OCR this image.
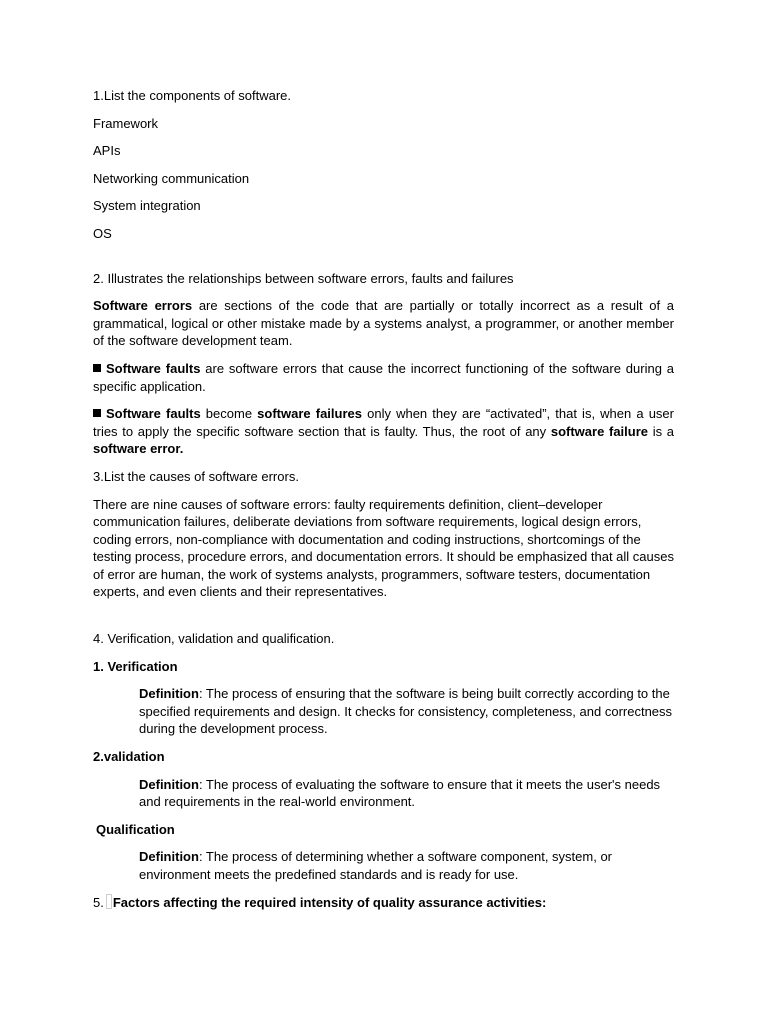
1.List the components of software.

Framework

APIs

Networking communication

System integration

OS

2. Illustrates the relationships between software errors, faults and failures

Software errors are sections of the code that are partially or totally incorrect as a result of a grammatical, logical or other mistake made by a systems analyst, a programmer, or another member of the software development team.

Software faults are software errors that cause the incorrect functioning of the software during a specific application.

Software faults become software failures only when they are “activated”, that is, when a user tries to apply the specific software section that is faulty. Thus, the root of any software failure is a software error.

3.List the causes of software errors.

There are nine causes of software errors: faulty requirements definition, client–developer communication failures, deliberate deviations from software requirements, logical design errors, coding errors, non-compliance with documentation and coding instructions, shortcomings of the testing process, procedure errors, and documentation errors. It should be emphasized that all causes of error are human, the work of systems analysts, programmers, software testers, documentation experts, and even clients and their representatives.

4. Verification, validation and qualification.

1. Verification

Definition: The process of ensuring that the software is being built correctly according to the specified requirements and design. It checks for consistency, completeness, and correctness during the development process.

2.validation

Definition: The process of evaluating the software to ensure that it meets the user's needs and requirements in the real-world environment.

Qualification

Definition: The process of determining whether a software component, system, or environment meets the predefined standards and is ready for use.

5. Factors affecting the required intensity of quality assurance activities:
